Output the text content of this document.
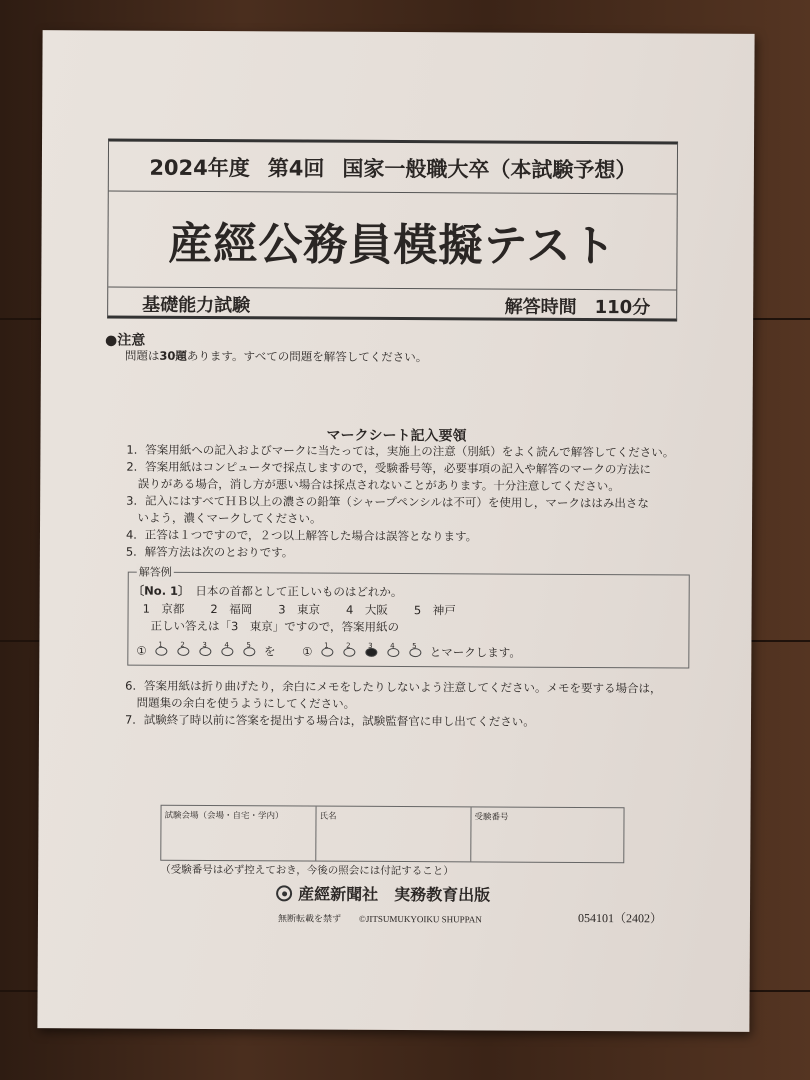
2024年度 第4回 国家一般職大卒（本試験予想）
産經公務員模擬テスト
基礎能力試験	解答時間　 110分
●注意
問題は30題あります。すべての問題を解答してください。
マークシート記入要領
1．答案用紙への記入およびマークに当たっては，実施上の注意（別紙）をよく読んで解答してください。
2．答案用紙はコンピュータで採点しますので，受験番号等，必要事項の記入や解答のマークの方法に
　誤りがある場合，消し方が悪い場合は採点されないことがあります。十分注意してください。
3．記入にはすべてＨＢ以上の濃さの鉛筆（シャープペンシルは不可）を使用し，マークははみ出さな
　いよう，濃くマークしてください。
4．正答は１つですので，２つ以上解答した場合は誤答となります。
5．解答方法は次のとおりです。
解答例
〔No. 1〕　 日本の首都として正しいものはどれか。
1　京都 2　福岡 3　東京 4　大阪 5　神戸
正しい答えは「3　東京」ですので，答案用紙の
① 1 2 3 4 5 を　　 ① 1 2 3 4 5 とマークします。
6．答案用紙は折り曲げたり，余白にメモをしたりしないよう注意してください。メモを要する場合は，
　問題集の余白を使うようにしてください。
7．試験終了時以前に答案を提出する場合は，試験監督官に申し出てください。
試験会場（会場・自宅・学内）	氏名	受験番号
（受験番号は必ず控えておき，今後の照会には付記すること）
産經新聞社　実務教育出版
無断転載を禁ず　　 ©JITSUMUKYOIKU SHUPPAN	054101（2402）
